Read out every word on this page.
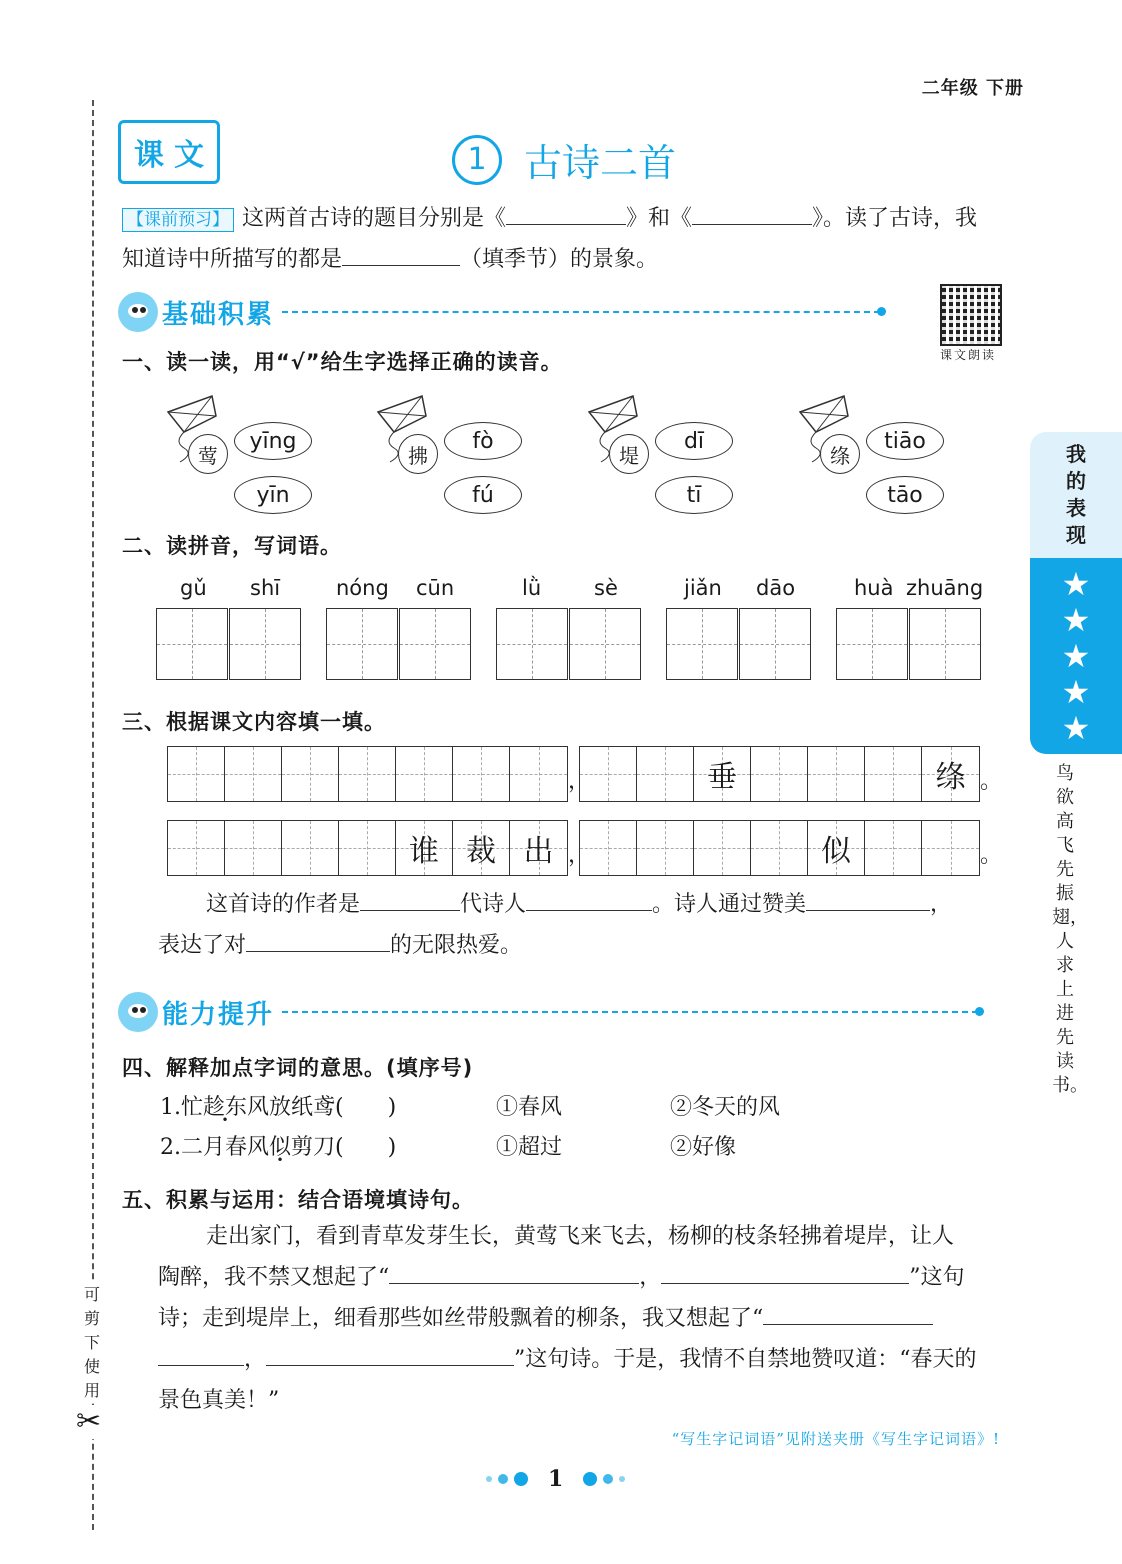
可剪下使用
✂
二年级 下册
课 文	1 古诗二首
【课前预习】 这两首古诗的题目分别是《	》和《	》。读了古诗，我
知道诗中所描写的都是	（填季节）的景象。
课文朗读
基础积累
一、读一读，用“√”给生字选择正确的读音。
莺
yīng
yīn
拂
fò
fú
堤
dī
tī
绦
tiāo
tāo
二、读拼音，写词语。
gǔ shī	nóng cūn	lǜ	sè	jiǎn dāo	huà zhuāng
三、根据课文内容填一填。
，	垂	绦 。
谁 裁 出 ，	似	。
这首诗的作者是	代诗人	。诗人通过赞美	，
表达了对	的无限热爱。
能力提升
四、解释加点字词的意思。(填序号)
1.忙趁东风放纸鸢(　　)	①春风	②冬天的风
2.二月春风似剪刀(　　)	①超过	②好像
五、积累与运用：结合语境填诗句。
走出家门，看到青草发芽生长，黄莺飞来飞去，杨柳的枝条轻拂着堤岸，让人
陶醉，我不禁又想起了“	，	”这句
诗；走到堤岸上，细看那些如丝带般飘着的柳条，我又想起了“
，	”这句诗。于是，我情不自禁地赞叹道：“春天的
景色真美！”
我
的
表
现
★
★
★
★
★
鸟欲高飞先振翅，人求上进先读书。
“写生字记词语”见附送夹册《写生字记词语》!
1
